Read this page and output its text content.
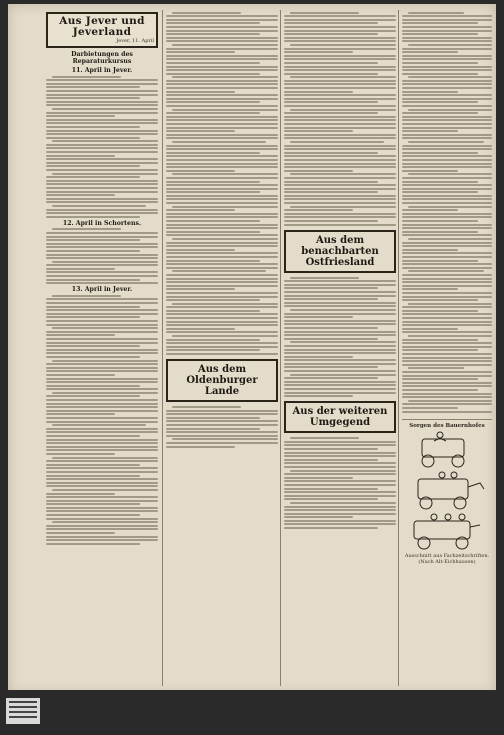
Aus Jever und Jeverland
Jever, 11. April
Darbietungen des Reparaturkursus
11. April in Jever.
12. April in Schortens.
13. April in Jever.
Aus dem Oldenburger Lande
Aus dem benachbarten Ostfriesland
Aus der weiteren Umgegend	Sorgen des Bauernhofes
Ausschnitt aus Fachzeitschriften. (Nach Alt-Eichhausen)
